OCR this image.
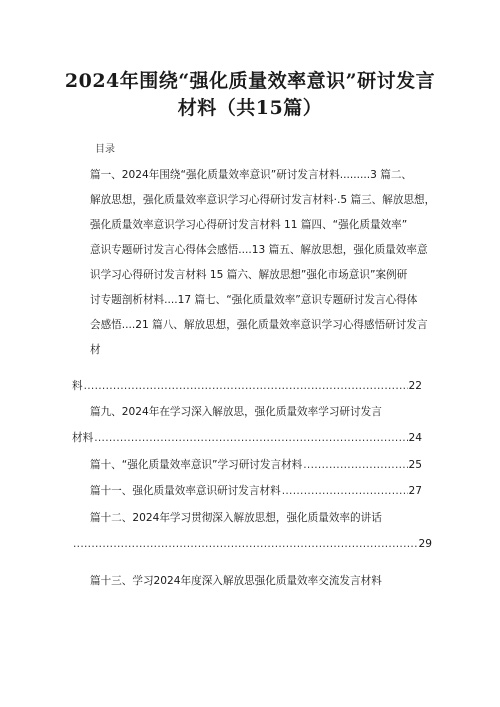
2024年围绕“强化质量效率意识”研讨发言
材料（共15篇）
目录
篇一、2024年围绕“强化质量效率意识”研讨发言材料.........3 篇二、
解放思想，强化质量效率意识学习心得研讨发言材料·.5 篇三、解放思想，
强化质量效率意识学习心得研讨发言材料 11 篇四、“强化质量效率”
意识专题研讨发言心得体会感悟....13 篇五、解放思想，强化质量效率意
识学习心得研讨发言材料 15 篇六、解放思想”强化市场意识”案例研
讨专题剖析材料....17 篇七、“强化质量效率”意识专题研讨发言心得体
会感悟....21 篇八、解放思想，强化质量效率意识学习心得感悟研讨发言
材
料 .....	22
篇九、2024年在学习深入解放思，强化质量效率学习研讨发言
材料 .....	24
篇十、“强化质量效率意识”学习研讨发言材料 .....	25
篇十一、强化质量效率意识研讨发言材料 .....	27
篇十二、2024年学习贯彻深入解放思想，强化质量效率的讲话
.....
29
篇十三、学习2024年度深入解放思强化质量效率交流发言材料
